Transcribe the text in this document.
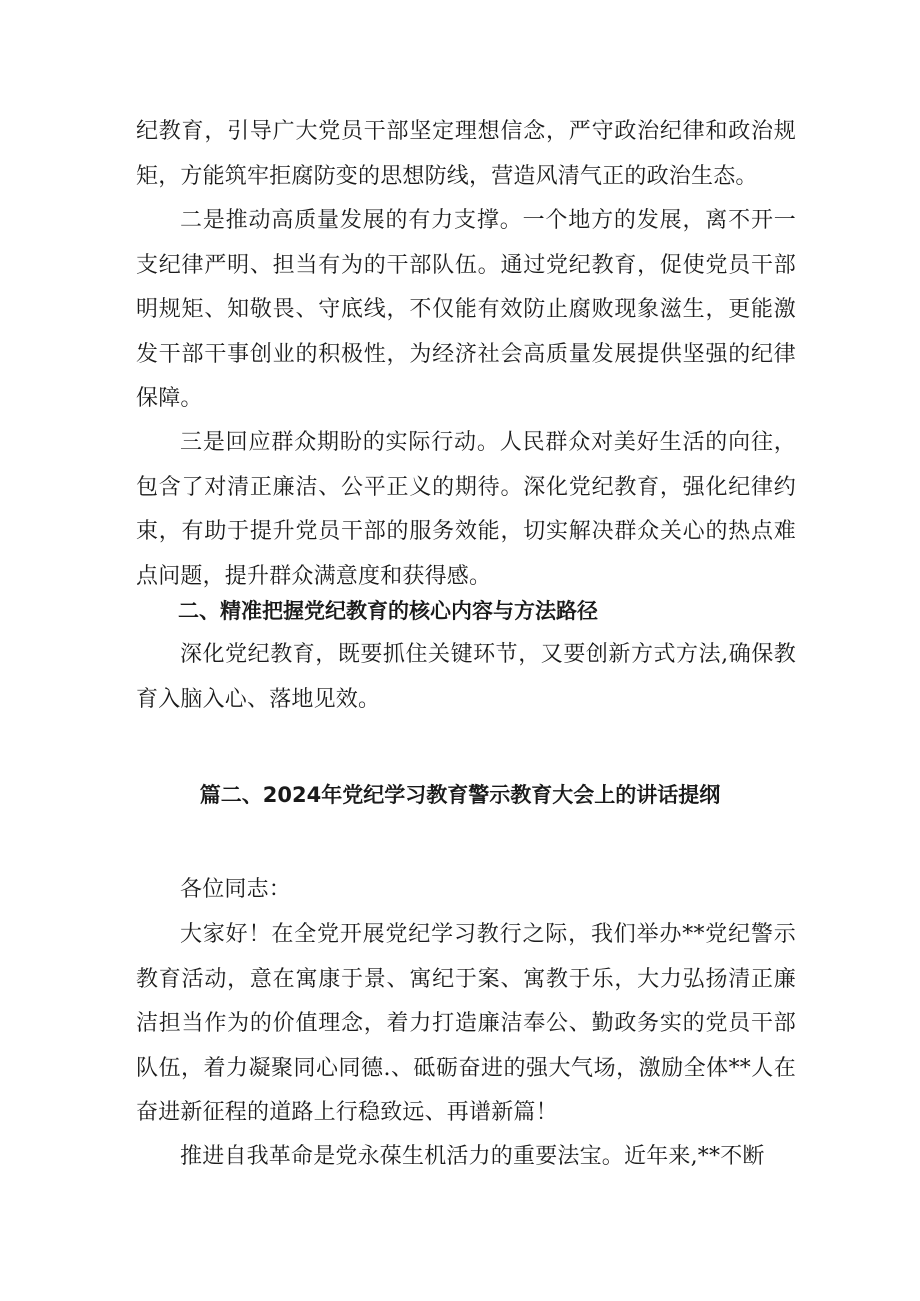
纪教育，引导广大党员干部坚定理想信念，严守政治纪律和政治规矩，方能筑牢拒腐防变的思想防线，营造风清气正的政治生态。

二是推动高质量发展的有力支撑。一个地方的发展，离不开一支纪律严明、担当有为的干部队伍。通过党纪教育，促使党员干部明规矩、知敬畏、守底线，不仅能有效防止腐败现象滋生，更能激发干部干事创业的积极性，为经济社会高质量发展提供坚强的纪律保障。

三是回应群众期盼的实际行动。人民群众对美好生活的向往，包含了对清正廉洁、公平正义的期待。深化党纪教育，强化纪律约束，有助于提升党员干部的服务效能，切实解决群众关心的热点难点问题，提升群众满意度和获得感。

二、精准把握党纪教育的核心内容与方法路径

深化党纪教育，既要抓住关键环节，又要创新方式方法,确保教育入脑入心、落地见效。

篇二、2024年党纪学习教育警示教育大会上的讲话提纲

各位同志：

大家好！在全党开展党纪学习教行之际，我们举办**党纪警示教育活动，意在寓康于景、寓纪于案、寓教于乐，大力弘扬清正廉洁担当作为的价值理念，着力打造廉洁奉公、勤政务实的党员干部队伍，着力凝聚同心同德.、砥砺奋进的强大气场，激励全体**人在奋进新征程的道路上行稳致远、再谱新篇！

推进自我革命是党永葆生机活力的重要法宝。近年来,**不断
